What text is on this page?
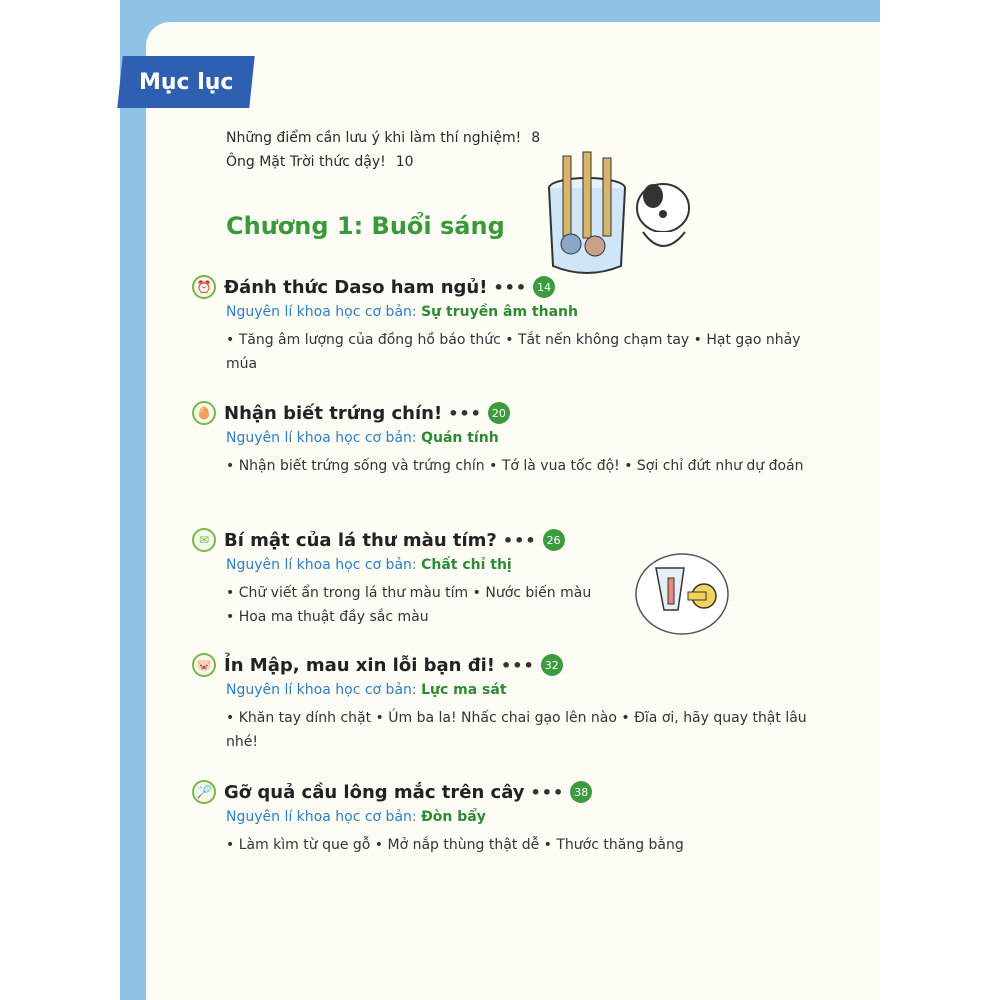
Mục lục
Những điểm cần lưu ý khi làm thí nghiệm! 8
Ông Mặt Trời thức dậy! 10
Chương 1: Buổi sáng
⏰ Đánh thức Daso ham ngủ! ••• 14
Nguyên lí khoa học cơ bản: Sự truyền âm thanh
• Tăng âm lượng của đồng hồ báo thức • Tắt nến không chạm tay • Hạt gạo nhảy múa
🥚 Nhận biết trứng chín! ••• 20
Nguyên lí khoa học cơ bản: Quán tính
• Nhận biết trứng sống và trứng chín • Tớ là vua tốc độ! • Sợi chỉ đứt như dự đoán
✉ Bí mật của lá thư màu tím? ••• 26
Nguyên lí khoa học cơ bản: Chất chỉ thị
• Chữ viết ẩn trong lá thư màu tím • Nước biến màu
• Hoa ma thuật đầy sắc màu
🐷 Ỉn Mập, mau xin lỗi bạn đi! ••• 32
Nguyên lí khoa học cơ bản: Lực ma sát
• Khăn tay dính chặt • Úm ba la! Nhấc chai gạo lên nào • Đĩa ơi, hãy quay thật lâu nhé!
🏸 Gỡ quả cầu lông mắc trên cây ••• 38
Nguyên lí khoa học cơ bản: Đòn bẩy
• Làm kìm từ que gỗ • Mở nắp thùng thật dễ • Thước thăng bằng
